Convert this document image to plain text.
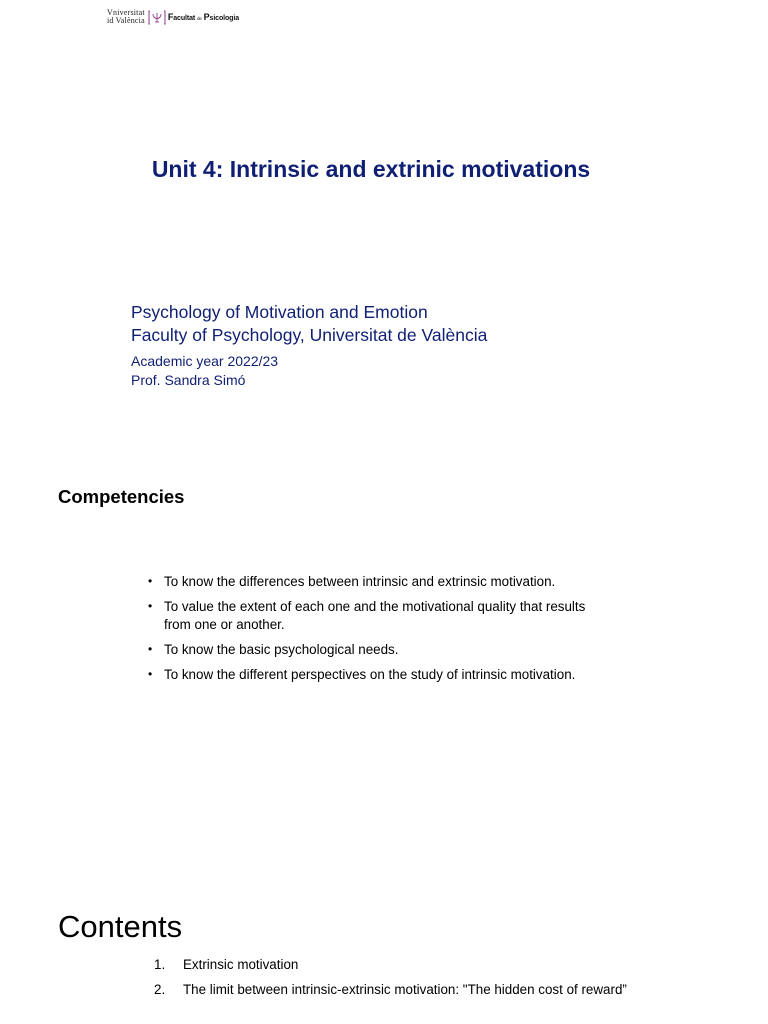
Vniversitat
id València	Facultat de Psicologia
Unit 4: Intrinsic and extrinic motivations
Psychology of Motivation and Emotion
Faculty of Psychology, Universitat de València
Academic year 2022/23
Prof. Sandra Simó
Competencies
• To know the differences between intrinsic and extrinsic motivation.
• To value the extent of each one and the motivational quality that results from one or another.
• To know the basic psychological needs.
• To know the different perspectives on the study of intrinsic motivation.
Contents
1. Extrinsic motivation
2. The limit between intrinsic-extrinsic motivation: "The hidden cost of reward”
